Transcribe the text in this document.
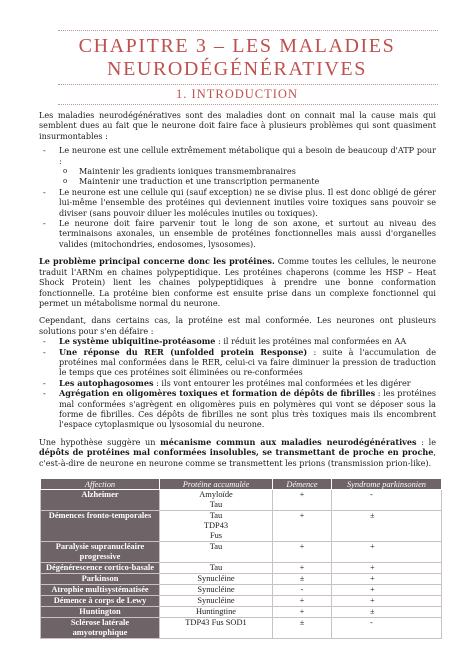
CHAPITRE 3 – LES MALADIES
NEURODÉGÉNÉRATIVES
1. INTRODUCTION

Les maladies neurodégénératives sont des maladies dont on connait mal la cause mais qui semblent dues au fait que le neurone doit faire face à plusieurs problèmes qui sont quasiment insurmontables :

- Le neurone est une cellule extrêmement métabolique qui a besoin de beaucoup d'ATP pour :
o Maintenir les gradients ioniques transmembranaires
o Maintenir une traduction et une transcription permanente
- Le neurone est une cellule qui (sauf exception) ne se divise plus. Il est donc obligé de gérer lui-même l'ensemble des protéines qui deviennent inutiles voire toxiques sans pouvoir se diviser (sans pouvoir diluer les molécules inutiles ou toxiques).
- Le neurone doit faire parvenir tout le long de son axone, et surtout au niveau des terminaisons axonales, un ensemble de protéines fonctionnelles mais aussi d'organelles valides (mitochondries, endosomes, lysosomes).

Le problème principal concerne donc les protéines. Comme toutes les cellules, le neurone traduit l'ARNm en chaines polypeptidique. Les protéines chaperons (comme les HSP – Heat Shock Protein) lient les chaines polypeptidiques à prendre une bonne conformation fonctionnelle. La protéine bien conforme est ensuite prise dans un complexe fonctionnel qui permet un métabolisme normal du neurone.

Cependant, dans certains cas, la protéine est mal conformée. Les neurones ont plusieurs solutions pour s'en défaire :

- Le système ubiquitine-protéasome : il réduit les protéines mal conformées en AA
- Une réponse du RER (unfolded protein Response) : suite à l'accumulation de protéines mal conformées dans le RER, celui-ci va faire diminuer la pression de traduction le temps que ces protéines soit éliminées ou re-conformées
- Les autophagosomes : ils vont entourer les protéines mal conformées et les digérer
- Agrégation en oligomères toxiques et formation de dépôts de fibrilles : les protéines mal conformées s'agrègent en oligomères puis en polymères qui vont se déposer sous la forme de fibrilles. Ces dépôts de fibrilles ne sont plus très toxiques mais ils encombrent l'espace cytoplasmique ou lysosomial du neurone.

Une hypothèse suggère un mécanisme commun aux maladies neurodégénératives : le dépôts de protéines mal conformées insolubles, se transmettant de proche en proche, c'est-à-dire de neurone en neurone comme se transmettent les prions (transmission prion-like).

Affection	Protéine accumulée	Démence	Syndrome parkinsonien

Alzheimer	Amyloïde
Tau	+	-

Démences fronto-temporales	Tau
TDP43
Fus	+	±

Paralysie supranucléaire progressive	Tau	+	+

Dégénérescence cortico-basale	Tau	+	+

Parkinson	Synucléine	±	+

Atrophie multisystématisée	Synucléine	-	+

Démence à corps de Lewy	Synucléine	+	+

Huntington	Huntingtine	+	±

Sclérose latérale amyotrophique	TDP43 Fus SOD1	±	-
